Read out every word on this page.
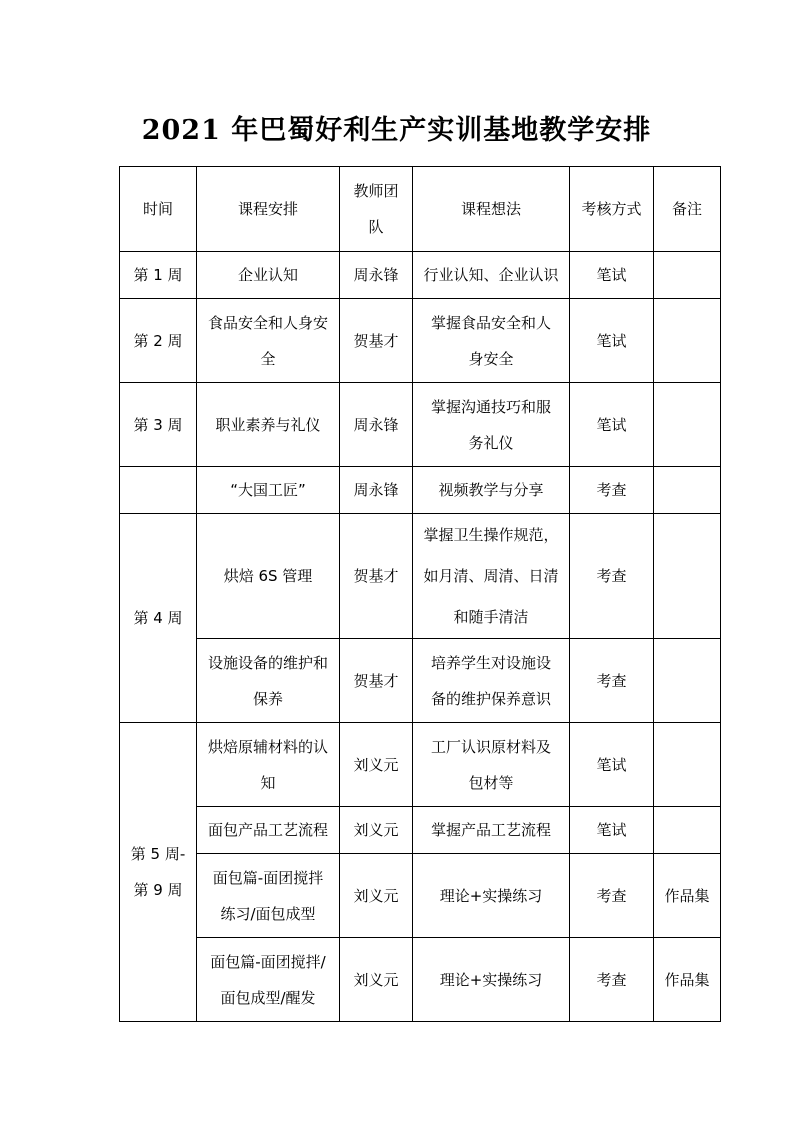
2021 年巴蜀好利生产实训基地教学安排
时间	课程安排	教师团
队	课程想法	考核方式	备注
第 1 周	企业认知	周永锋	行业认知、企业认识	笔试	
第 2 周	食品安全和人身安
全	贺基才	掌握食品安全和人
身安全	笔试	
第 3 周	职业素养与礼仪	周永锋	掌握沟通技巧和服
务礼仪	笔试	
	“大国工匠”	周永锋	视频教学与分享	考查	
第 4 周	烘焙 6S 管理	贺基才	掌握卫生操作规范，
如月清、周清、日清
和随手清洁	考查	
	设施设备的维护和
保养	贺基才	培养学生对设施设
备的维护保养意识	考查	
第 5 周-
第 9 周	烘焙原辅材料的认
知	刘义元	工厂认识原材料及
包材等	笔试	
	面包产品工艺流程	刘义元	掌握产品工艺流程	笔试	
	面包篇-面团搅拌
练习/面包成型	刘义元	理论+实操练习	考查	作品集
	面包篇-面团搅拌/
面包成型/醒发	刘义元	理论+实操练习	考查	作品集
